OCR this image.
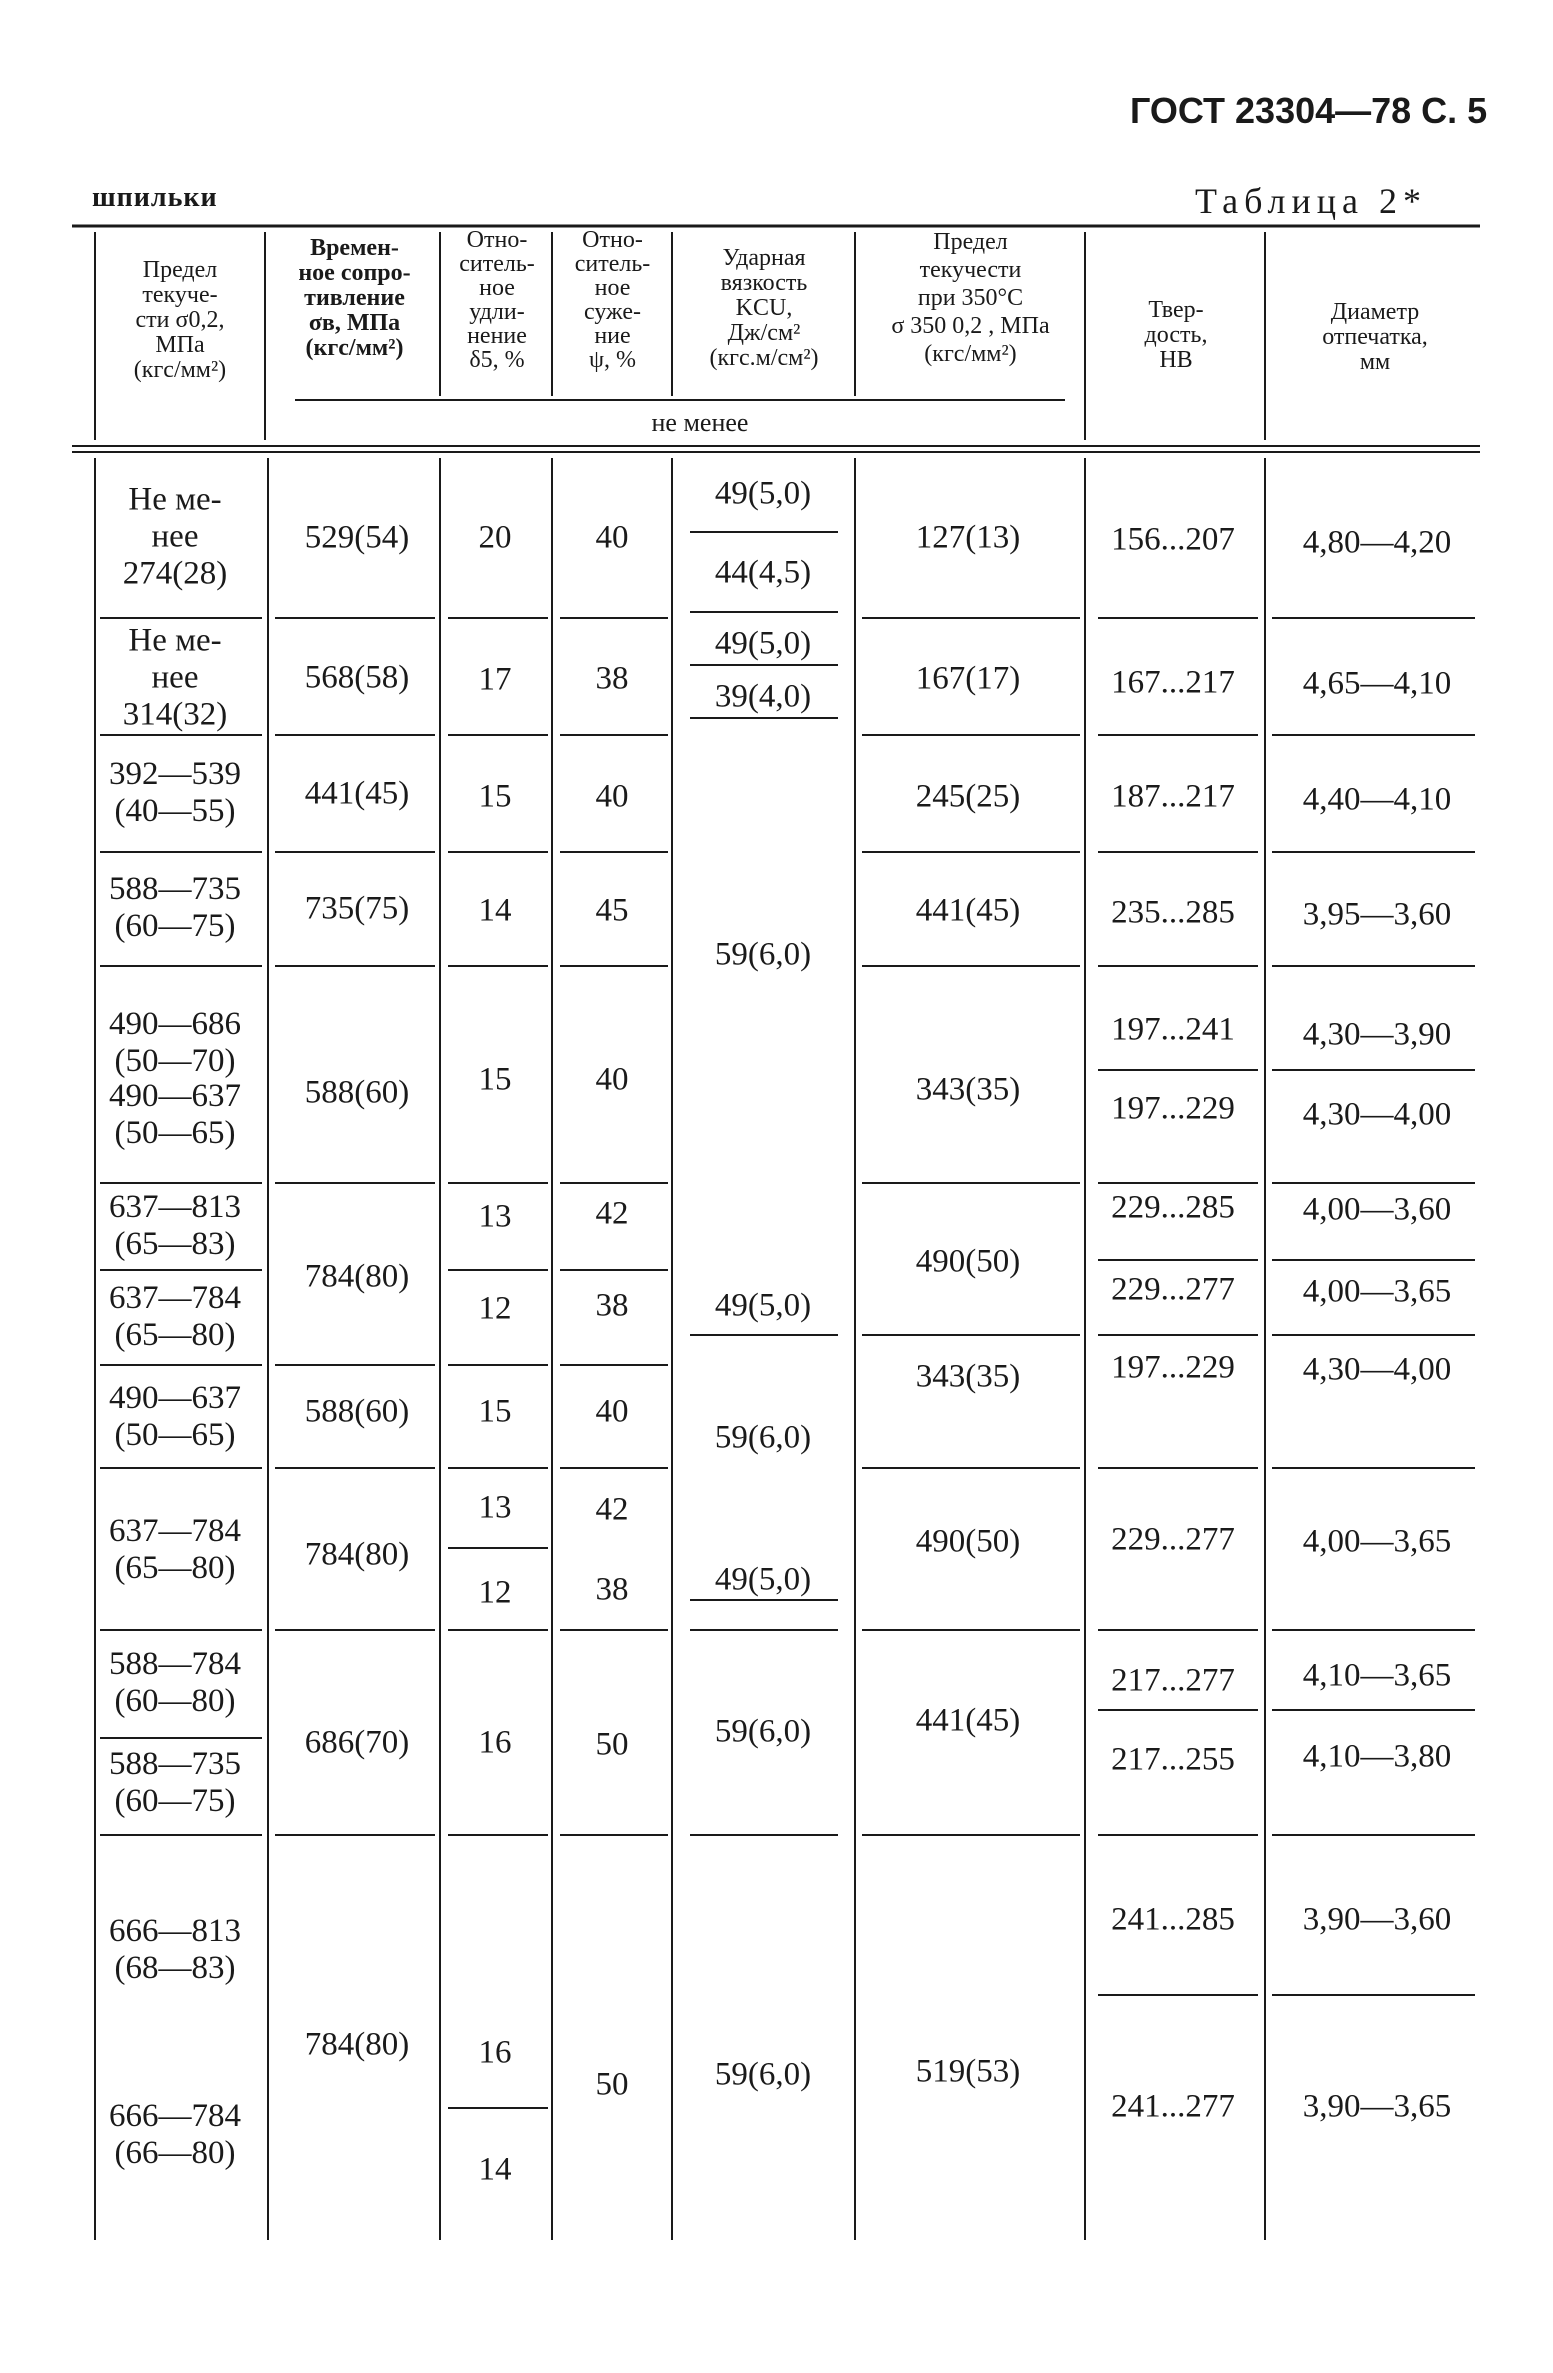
ГОСТ 23304—78 С. 5
шпильки	Таблица 2*
Предел
текуче-
сти σ0,2,
МПа
(кгс/мм²)
Времен-
ное сопро-
тивление
σв, МПа
(кгс/мм²)
Отно-
ситель-
ное
удли-
нение
δ5, %
Отно-
ситель-
ное
суже-
ние
ψ, %
Ударная
вязкость
KCU,
Дж/см²
(кгс.м/см²)
Предел
текучести
при 350°С
σ 350 0,2 , МПа
(кгс/мм²)
Твер-
дость,
НВ
Диаметр
отпечатка,
мм
не менее
Не ме-
нее
274(28)
Не ме-
нее
314(32)
392—539
(40—55)
588—735
(60—75)
490—686
(50—70)
490—637
(50—65)
637—813
(65—83)
637—784
(65—80)
490—637
(50—65)
637—784
(65—80)
588—784
(60—80)
588—735
(60—75)
666—813
(68—83)
666—784
(66—80)
529(54)
568(58)
441(45)
735(75)
588(60)
784(80)
588(60)
784(80)
686(70)
784(80)
20
17
15
14
15
13
12
15
13
12
16
16
14
40
38
40
45
40
42
38
40
42
38
50
50
49(5,0)
44(4,5)
49(5,0)
39(4,0)
59(6,0)
49(5,0)
59(6,0)
49(5,0)
59(6,0)
59(6,0)
127(13)
167(17)
245(25)
441(45)
343(35)
490(50)
343(35)
490(50)
441(45)
519(53)
156...207
167...217
187...217
235...285
197...241
197...229
229...285
229...277
197...229
229...277
217...277
217...255
241...285
241...277
4,80—4,20
4,65—4,10
4,40—4,10
3,95—3,60
4,30—3,90
4,30—4,00
4,00—3,60
4,00—3,65
4,30—4,00
4,00—3,65
4,10—3,65
4,10—3,80
3,90—3,60
3,90—3,65
